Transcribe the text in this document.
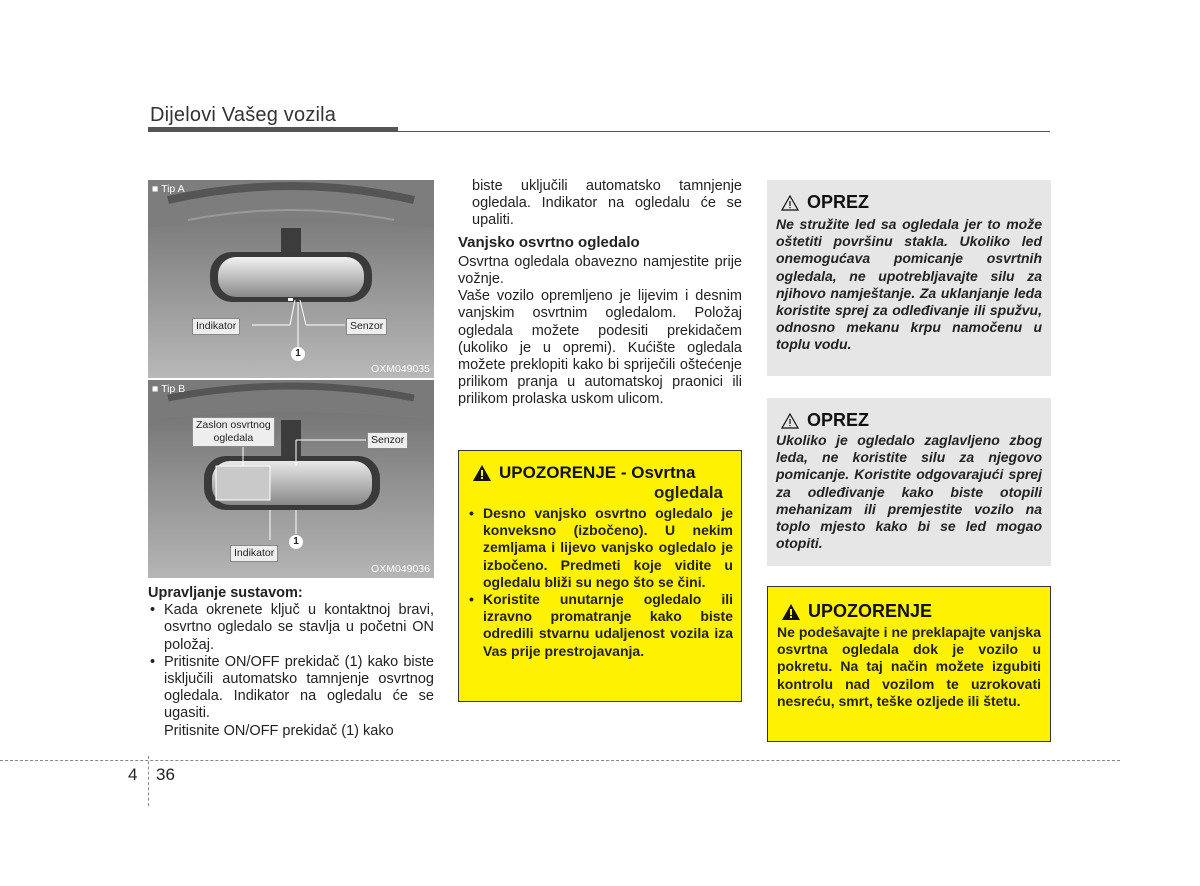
Dijelovi Vašeg vozila
■ Tip A
Indikator	Senzor
1
OXM049035
■ Tip B
Zaslon osvrtnog
ogledala	Senzor
1
Indikator
OXM049036
Upravljanje sustavom:
• Kada okrenete ključ u kontaktnoj bravi, osvrtno ogledalo se stavlja u početni ON položaj.
• Pritisnite ON/OFF prekidač (1) kako biste isključili automatsko tamnjenje osvrtnog ogledala. Indikator na ogledalu će se ugasiti.

Pritisnite ON/OFF prekidač (1) kako

biste uključili automatsko tamnjenje ogledala. Indikator na ogledalu će se upaliti.

Vanjsko osvrtno ogledalo

Osvrtna ogledala obavezno namjestite prije vožnje.

Vaše vozilo opremljeno je lijevim i desnim vanjskim osvrtnim ogledalom. Položaj ogledala možete podesiti prekidačem (ukoliko je u opremi). Kućište ogledala možete preklopiti kako bi spriječili oštećenje prilikom pranja u automatskoj praonici ili prilikom prolaska uskom ulicom.

UPOZORENJE - Osvrtna
ogledala
• Desno vanjsko osvrtno ogledalo je konveksno (izbočeno). U nekim zemljama i lijevo vanjsko ogledalo je izbočeno. Predmeti koje vidite u ogledalu bliži su nego što se čini.
• Koristite unutarnje ogledalo ili izravno promatranje kako biste odredili stvarnu udaljenost vozila iza Vas prije prestrojavanja.
OPREZ
Ne stružite led sa ogledala jer to može oštetiti površinu stakla. Ukoliko led onemogućava pomicanje osvrtnih ogledala, ne upotrebljavajte silu za njihovo namještanje. Za uklanjanje leda koristite sprej za odleđivanje ili spužvu, odnosno mekanu krpu namočenu u toplu vodu.
OPREZ
Ukoliko je ogledalo zaglavljeno zbog leda, ne koristite silu za njegovo pomicanje. Koristite odgovarajući sprej za odleđivanje kako biste otopili mehanizam ili premjestite vozilo na toplo mjesto kako bi se led mogao otopiti.
UPOZORENJE
Ne podešavajte i ne preklapajte vanjska osvrtna ogledala dok je vozilo u pokretu. Na taj način možete izgubiti kontrolu nad vozilom te uzrokovati nesreću, smrt, teške ozljede ili štetu.
4 36
